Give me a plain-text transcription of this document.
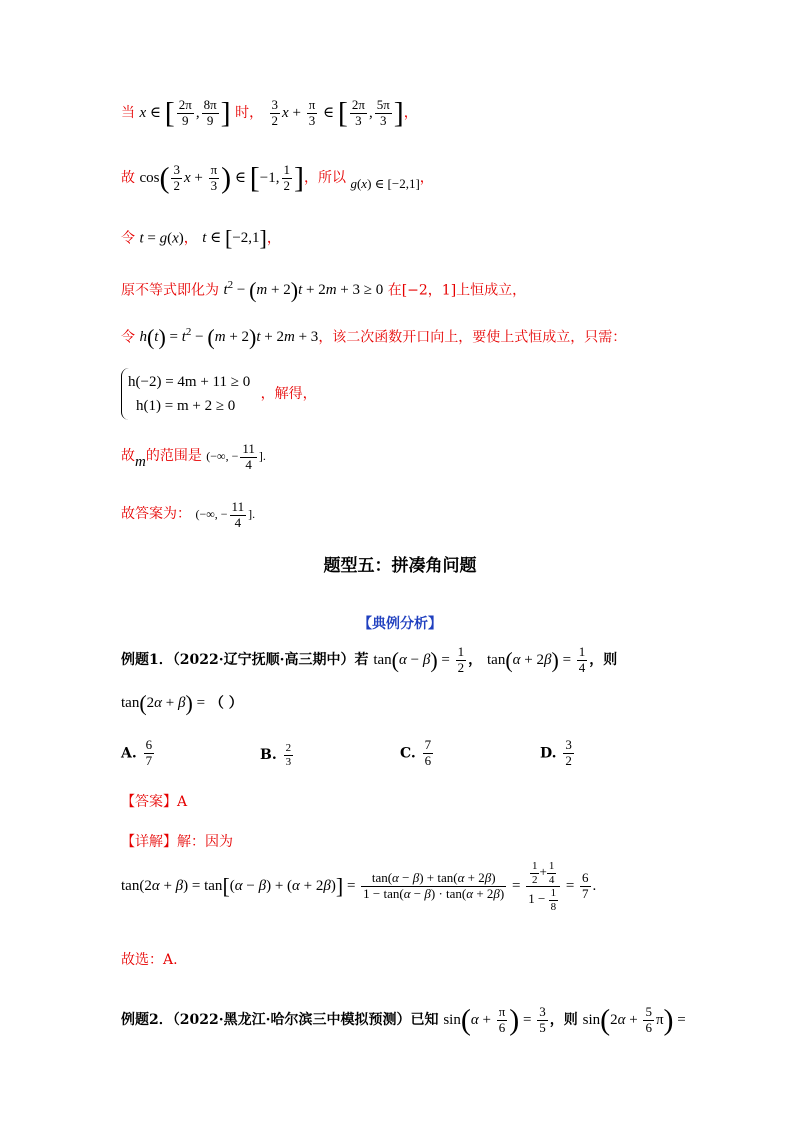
当 x ∈ [ $\frac{2\pi}{9}$ , $\frac{8\pi}{9}$ ] 时， $\frac{3}{2}$ $x + \frac{\pi}{3}$ ∈ [ $\frac{2\pi}{3}$ , $\frac{5\pi}{3}$ ]，
故 $\cos( \frac{3}{2}$ $x + \frac{\pi}{3}$ ) ∈ [−1, $\frac{1}{2}$ ]，所以 g(x) ∈ [−2,1]，
令 t = g(x)， t ∈ [−2,1]，
原不等式即化为 $t^2 - (m + 2)t + 2m + 3 \ge 0$ 在[−2，1]上恒成立，
令 $h(t) = t^2 - (m + 2)t + 2m + 3$，该二次函数开口向上，要使上式恒成立，只需：
h(−2) = 4m + 11 ≥ 0
h(1) = m + 2 ≥ 0
，解得，
故m的范围是 (−∞, − $\frac{11}{4}$ ].
故答案为： (−∞, − $\frac{11}{4}$ ].
题型五：拼凑角问题
【典例分析】
例题1．（2022·辽宁抚顺·高三期中）若 $\tan(\alpha - \beta) = \frac{1}{2}$ ， $\tan(\alpha + 2\beta) = \frac{1}{4}$ ，则
tan(2α + β) = （ ）
A. $\frac{6}{7}$	B. $\frac{2}{3}$	C. $\frac{7}{6}$	D. $\frac{3}{2}$
【答案】A
【详解】解：因为
$\tan(2\alpha + \beta) = \tan[(\alpha - \beta) + (\alpha + 2\beta)] = \frac{\tan(\alpha - \beta) + \tan(\alpha + 2\beta)}{1 - \tan(\alpha - \beta) \cdot \tan(\alpha + 2\beta)} = \frac{\frac{1}{2} + \frac{1}{4}}{1 - \frac{1}{8}} = \frac{6}{7}$ .
故选：A.
例题2．（2022·黑龙江·哈尔滨三中模拟预测）已知 $\sin(\alpha + \frac{\pi}{6}$ ) = $\frac{3}{5}$ ，则 $\sin(2\alpha + \frac{5}{6} \pi)$ =
